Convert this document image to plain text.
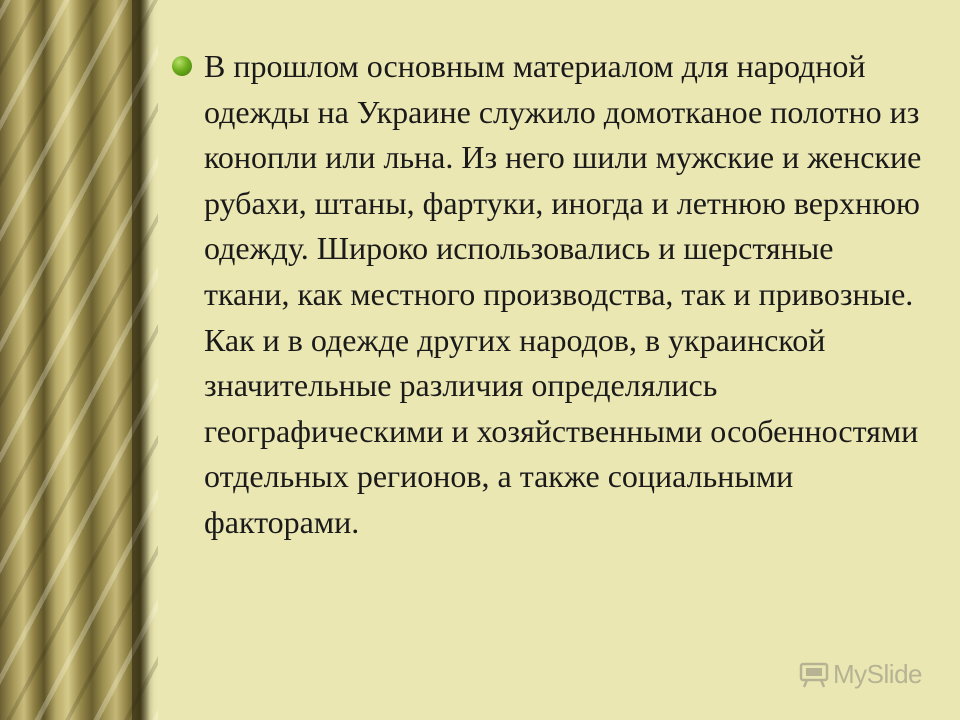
В прошлом основным материалом для народной одежды на Украине служило домотканое полотно из конопли или льна. Из него шили мужские и женские рубахи, штаны, фартуки, иногда и летнюю верхнюю одежду. Широко использовались и шерстяные ткани, как местного производства, так и привозные. Как и в одежде других народов, в украинской значительные различия определялись географическими и хозяйственными особенностями отдельных регионов, а также социальными факторами.

MySlide
